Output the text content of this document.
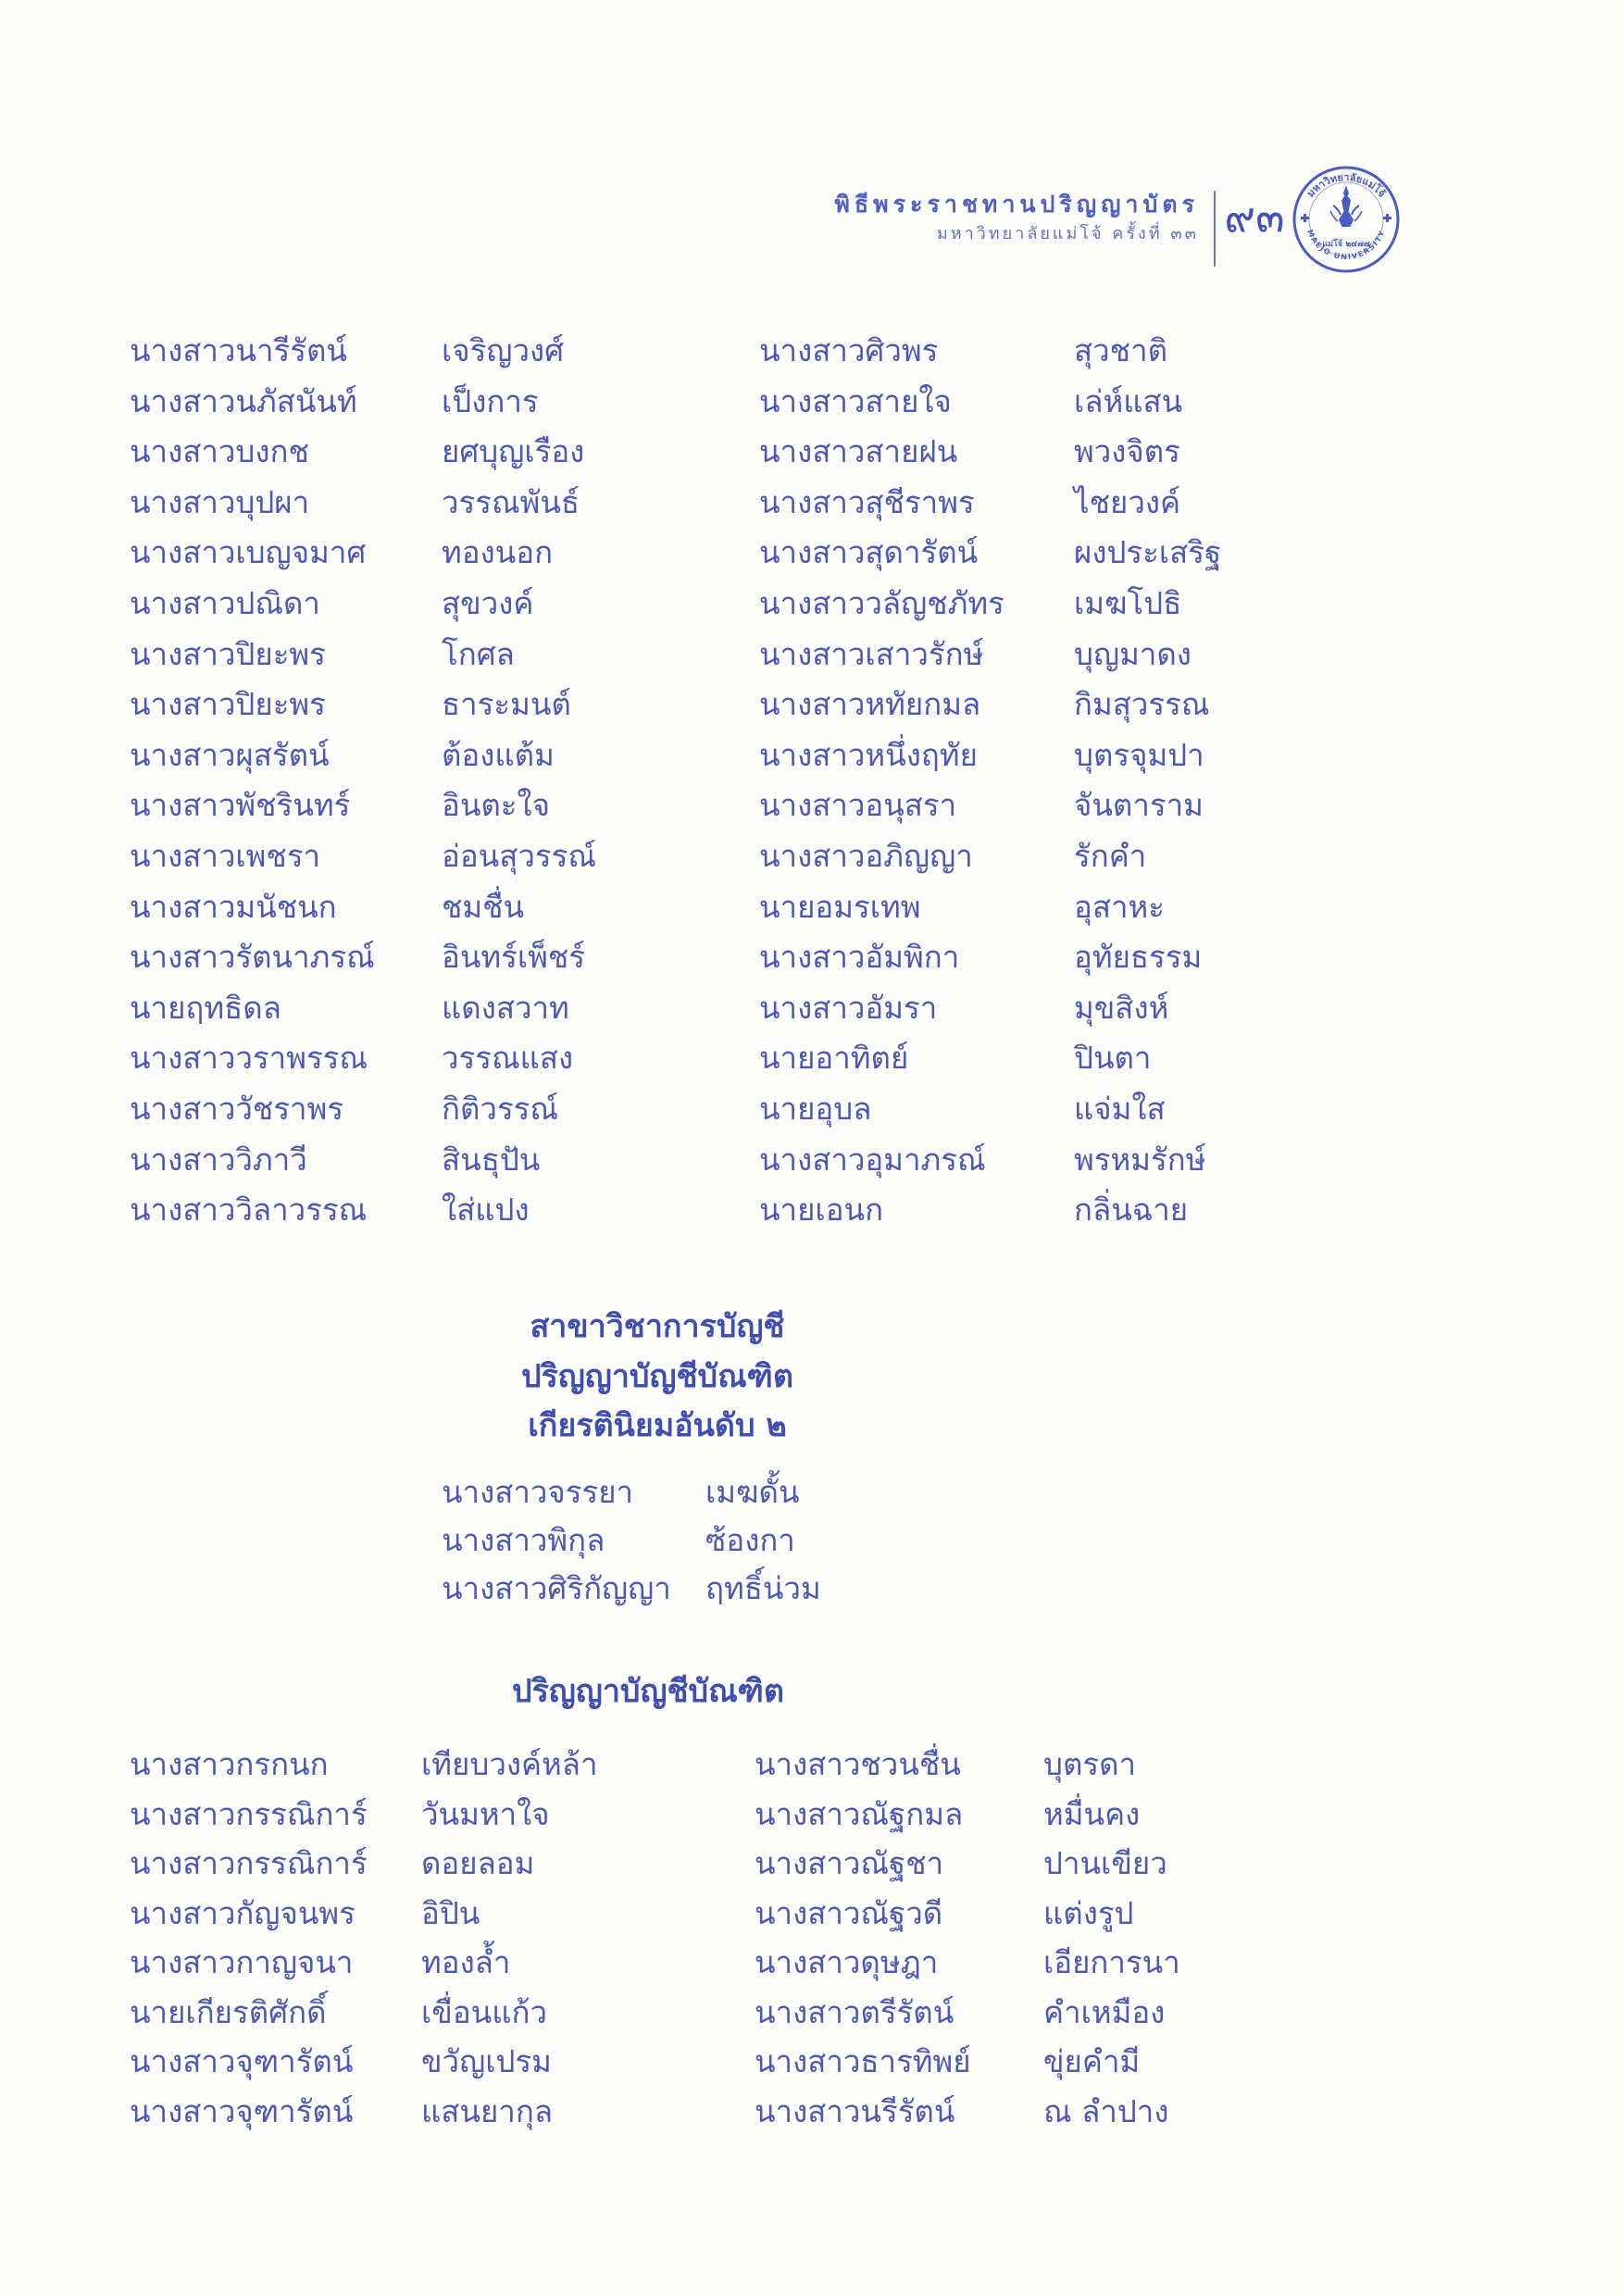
พิธีพระราชทานปริญญาบัตร
มหาวิทยาลัยแม่โจ้ ครั้งที่ ๓๓ ๙๓	มหาวิทยาลัยแม่โจ้
MAEJO UNIVERSITY
แม่โจ้ ๒๔๗๗
นางสาวนารีรัตน์	เจริญวงศ์	นางสาวศิวพร	สุวชาติ
นางสาวนภัสนันท์	เป็งการ	นางสาวสายใจ	เล่ห์แสน
นางสาวบงกช	ยศบุญเรือง	นางสาวสายฝน	พวงจิตร
นางสาวบุปผา	วรรณพันธ์	นางสาวสุชีราพร	ไชยวงค์
นางสาวเบญจมาศ	ทองนอก	นางสาวสุดารัตน์	ผงประเสริฐ
นางสาวปณิดา	สุขวงค์	นางสาววลัญชภัทร	เมฆโปธิ
นางสาวปิยะพร	โกศล	นางสาวเสาวรักษ์	บุญมาดง
นางสาวปิยะพร	ธาระมนต์	นางสาวหทัยกมล	กิมสุวรรณ
นางสาวผุสรัตน์	ต้องแต้ม	นางสาวหนึ่งฤทัย	บุตรจุมปา
นางสาวพัชรินทร์	อินตะใจ	นางสาวอนุสรา	จันตาราม
นางสาวเพชรา	อ่อนสุวรรณ์	นางสาวอภิญญา	รักคำ
นางสาวมนัชนก	ชมชื่น	นายอมรเทพ	อุสาหะ
นางสาวรัตนาภรณ์	อินทร์เพ็ชร์	นางสาวอัมพิกา	อุทัยธรรม
นายฤทธิดล	แดงสวาท	นางสาวอัมรา	มุขสิงห์
นางสาววราพรรณ	วรรณแสง	นายอาทิตย์	ปินตา
นางสาววัชราพร	กิติวรรณ์	นายอุบล	แจ่มใส
นางสาววิภาวี	สินธุปัน	นางสาวอุมาภรณ์	พรหมรักษ์
นางสาววิลาวรรณ	ใส่แปง	นายเอนก	กลิ่นฉาย
สาขาวิชาการบัญชี
ปริญญาบัญชีบัณฑิต
เกียรตินิยมอันดับ ๒
นางสาวจรรยา	เมฆดั้น
นางสาวพิกุล	ซ้องกา
นางสาวศิริกัญญา	ฤทธิ์น่วม
ปริญญาบัญชีบัณฑิต
นางสาวกรกนก	เทียบวงค์หล้า	นางสาวชวนชื่น	บุตรดา
นางสาวกรรณิการ์	วันมหาใจ	นางสาวณัฐกมล	หมื่นคง
นางสาวกรรณิการ์	ดอยลอม	นางสาวณัฐชา	ปานเขียว
นางสาวกัญจนพร	อิปิน	นางสาวณัฐวดี	แต่งรูป
นางสาวกาญจนา	ทองล้ำ	นางสาวดุษฎา	เอียการนา
นายเกียรติศักดิ์	เขื่อนแก้ว	นางสาวตรีรัตน์	คำเหมือง
นางสาวจุฑารัตน์	ขวัญเปรม	นางสาวธารทิพย์	ขุ่ยคำมี
นางสาวจุฑารัตน์	แสนยากุล	นางสาวนรีรัตน์	ณ ลำปาง
